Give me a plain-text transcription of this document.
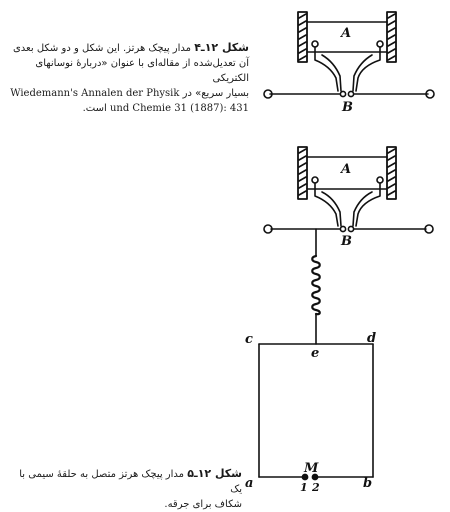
شکل ۱۲ـ۴ مدار پیچک هرتز. این شکل و دو شکل بعدی
آن تعدیل‌شده از مقاله‌ای با عنوان «دربارهٔ نوسانهای الکتریکی
بسیار سریع» در Wiedemann's Annalen der Physik
und Chemie 31 (1887): 431 است.
شکل ۱۲ـ۵ مدار پیچک هرتز متصل به حلقهٔ سیمی با یک
شکاف برای جرقه.
A
B
A
B
c	d
e
a	b
M
1 2
